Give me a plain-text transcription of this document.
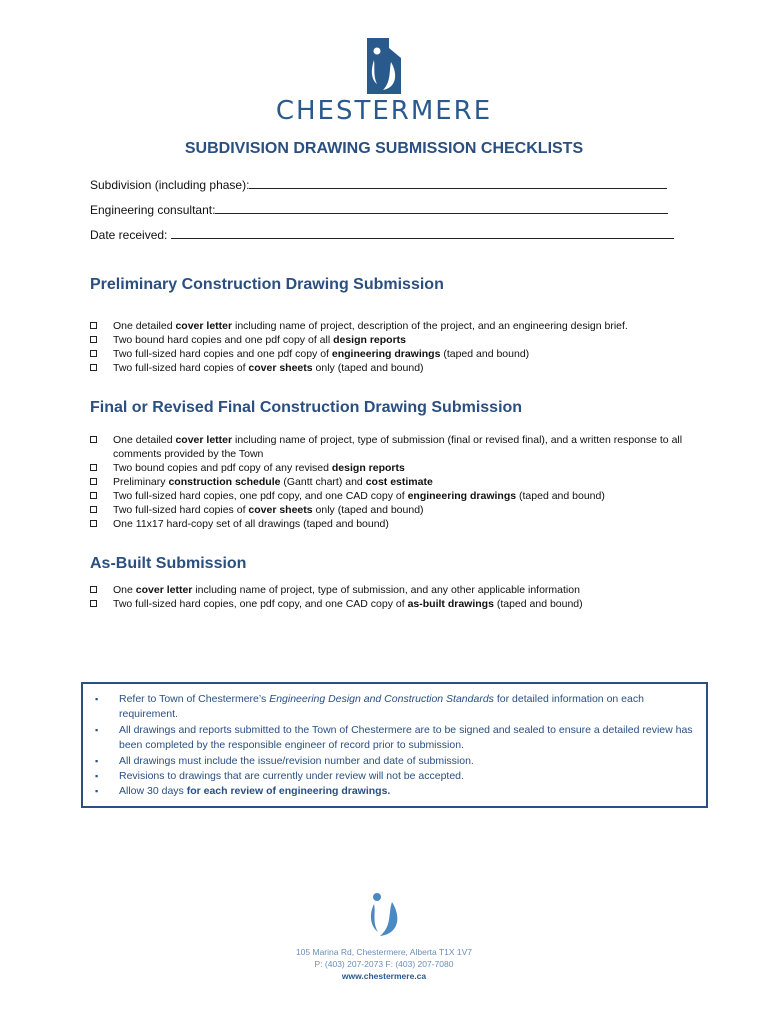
CHESTERMERE
SUBDIVISION DRAWING SUBMISSION CHECKLISTS
Subdivision (including phase):
Engineering consultant:
Date received:
Preliminary Construction Drawing Submission
One detailed cover letter including name of project, description of the project, and an engineering design brief.
Two bound hard copies and one pdf copy of all design reports
Two full-sized hard copies and one pdf copy of engineering drawings (taped and bound)
Two full-sized hard copies of cover sheets only (taped and bound)
Final or Revised Final Construction Drawing Submission
One detailed cover letter including name of project, type of submission (final or revised final), and a written response to all comments provided by the Town
Two bound copies and pdf copy of any revised design reports
Preliminary construction schedule (Gantt chart) and cost estimate
Two full-sized hard copies, one pdf copy, and one CAD copy of engineering drawings (taped and bound)
Two full-sized hard copies of cover sheets only (taped and bound)
One 11x17 hard-copy set of all drawings (taped and bound)
As-Built Submission
One cover letter including name of project, type of submission, and any other applicable information
Two full-sized hard copies, one pdf copy, and one CAD copy of as-built drawings (taped and bound)
▪ Refer to Town of Chestermere’s Engineering Design and Construction Standards for detailed information on each requirement.
▪ All drawings and reports submitted to the Town of Chestermere are to be signed and sealed to ensure a detailed review has been completed by the responsible engineer of record prior to submission.
▪ All drawings must include the issue/revision number and date of submission.
▪ Revisions to drawings that are currently under review will not be accepted.
▪ Allow 30 days for each review of engineering drawings.
105 Marina Rd, Chestermere, Alberta T1X 1V7
P: (403) 207-2073 F: (403) 207-7080
www.chestermere.ca
